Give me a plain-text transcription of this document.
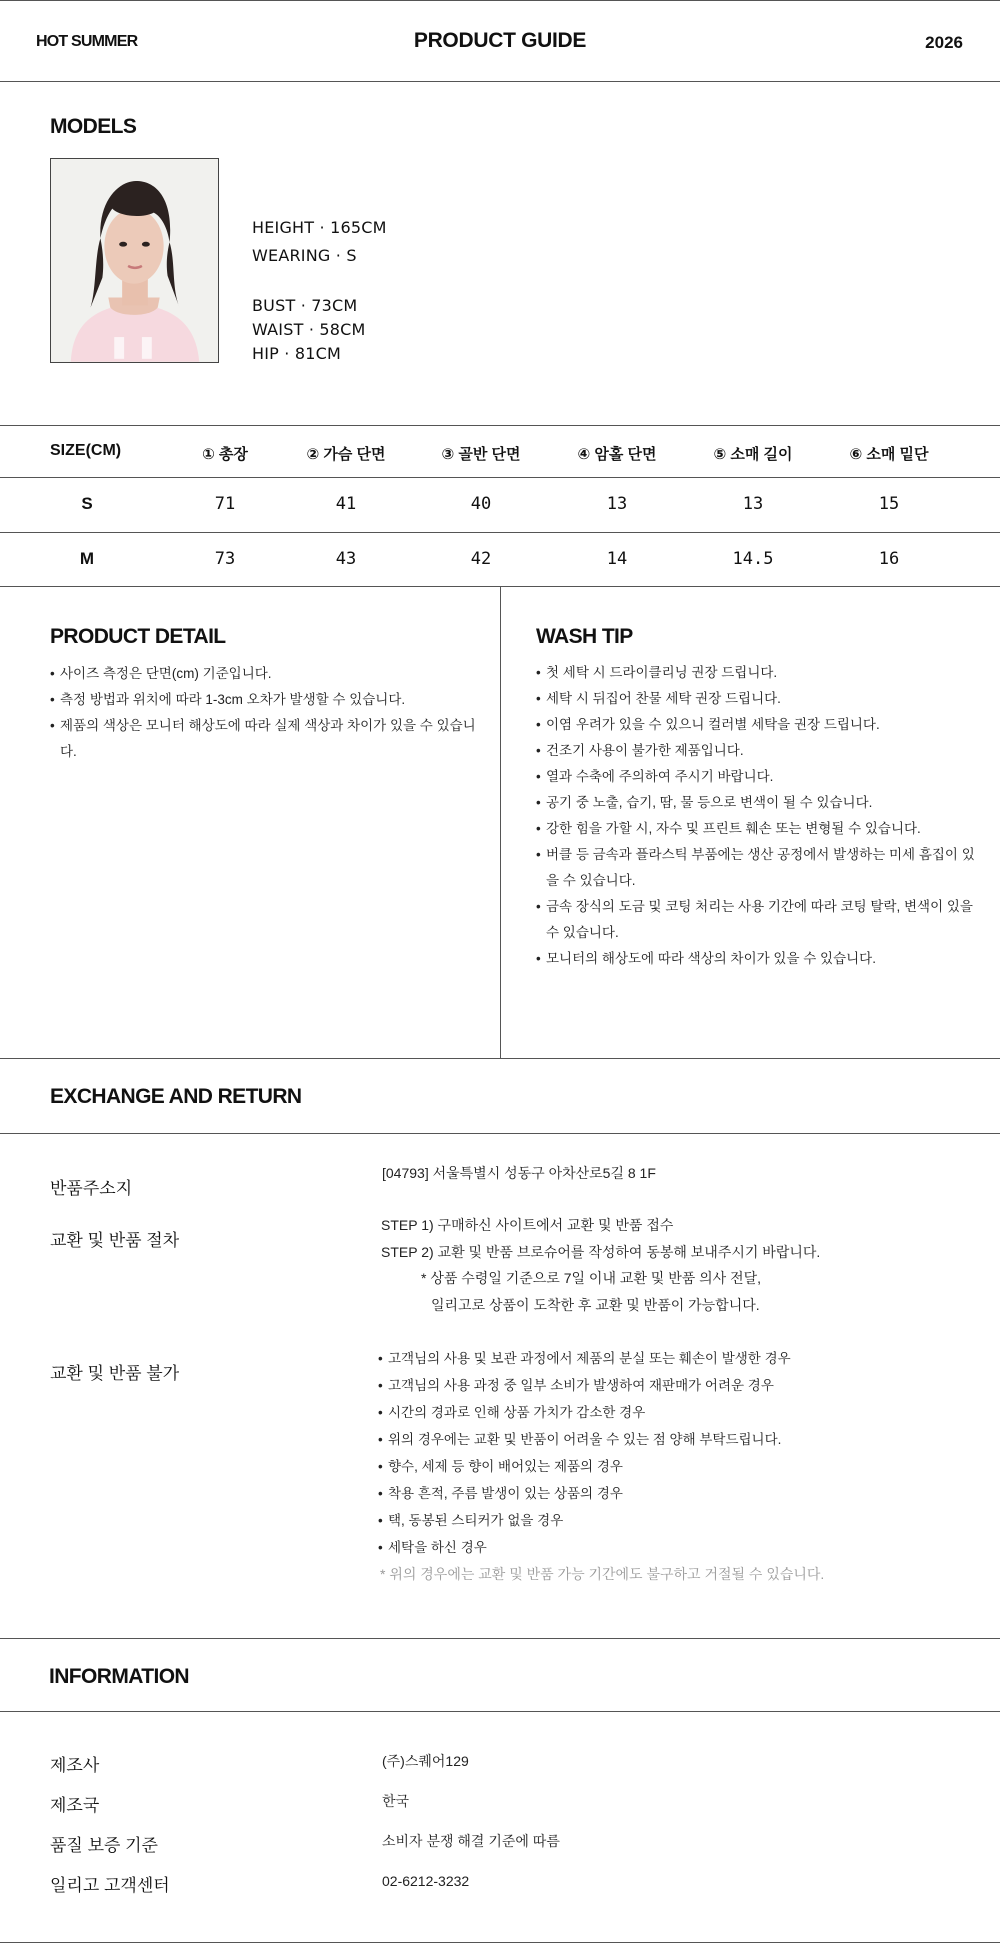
HOT SUMMER	PRODUCT GUIDE	2026
MODELS
HEIGHT · 165CM
WEARING · S
BUST · 73CM
WAIST · 58CM
HIP · 81CM
SIZE(CM)	① 총장	② 가슴 단면	③ 골반 단면	④ 암홀 단면	⑤ 소매 길이	⑥ 소매 밑단
S	71	41	40	13	13	15
M	73	43	42	14	14.5	16
PRODUCT DETAIL
• 사이즈 측정은 단면(cm) 기준입니다.
• 측정 방법과 위치에 따라 1-3cm 오차가 발생할 수 있습니다.
• 제품의 색상은 모니터 해상도에 따라 실제 색상과 차이가 있을 수 있습니다.
WASH TIP
• 첫 세탁 시 드라이클리닝 권장 드립니다.
• 세탁 시 뒤집어 찬물 세탁 권장 드립니다.
• 이염 우려가 있을 수 있으니 컬러별 세탁을 권장 드립니다.
• 건조기 사용이 불가한 제품입니다.
• 열과 수축에 주의하여 주시기 바랍니다.
• 공기 중 노출, 습기, 땀, 물 등으로 변색이 될 수 있습니다.
• 강한 힘을 가할 시, 자수 및 프린트 훼손 또는 변형될 수 있습니다.
• 버클 등 금속과 플라스틱 부품에는 생산 공정에서 발생하는 미세 흠집이 있을 수 있습니다.
• 금속 장식의 도금 및 코팅 처리는 사용 기간에 따라 코팅 탈락, 변색이 있을 수 있습니다.
• 모니터의 해상도에 따라 색상의 차이가 있을 수 있습니다.
EXCHANGE AND RETURN
반품주소지
[04793] 서울특별시 성동구 아차산로5길 8 1F
교환 및 반품 절차
STEP 1) 구매하신 사이트에서 교환 및 반품 접수
STEP 2) 교환 및 반품 브로슈어를 작성하여 동봉해 보내주시기 바랍니다.
* 상품 수령일 기준으로 7일 이내 교환 및 반품 의사 전달,
일리고로 상품이 도착한 후 교환 및 반품이 가능합니다.
교환 및 반품 불가
• 고객님의 사용 및 보관 과정에서 제품의 분실 또는 훼손이 발생한 경우
• 고객님의 사용 과정 중 일부 소비가 발생하여 재판매가 어려운 경우
• 시간의 경과로 인해 상품 가치가 감소한 경우
• 위의 경우에는 교환 및 반품이 어려울 수 있는 점 양해 부탁드립니다.
• 향수, 세제 등 향이 배어있는 제품의 경우
• 착용 흔적, 주름 발생이 있는 상품의 경우
• 택, 동봉된 스티커가 없을 경우
• 세탁을 하신 경우
* 위의 경우에는 교환 및 반품 가능 기간에도 불구하고 거절될 수 있습니다.
INFORMATION
제조사	(주)스퀘어129
제조국	한국
품질 보증 기준	소비자 분쟁 해결 기준에 따름
일리고 고객센터	02-6212-3232
